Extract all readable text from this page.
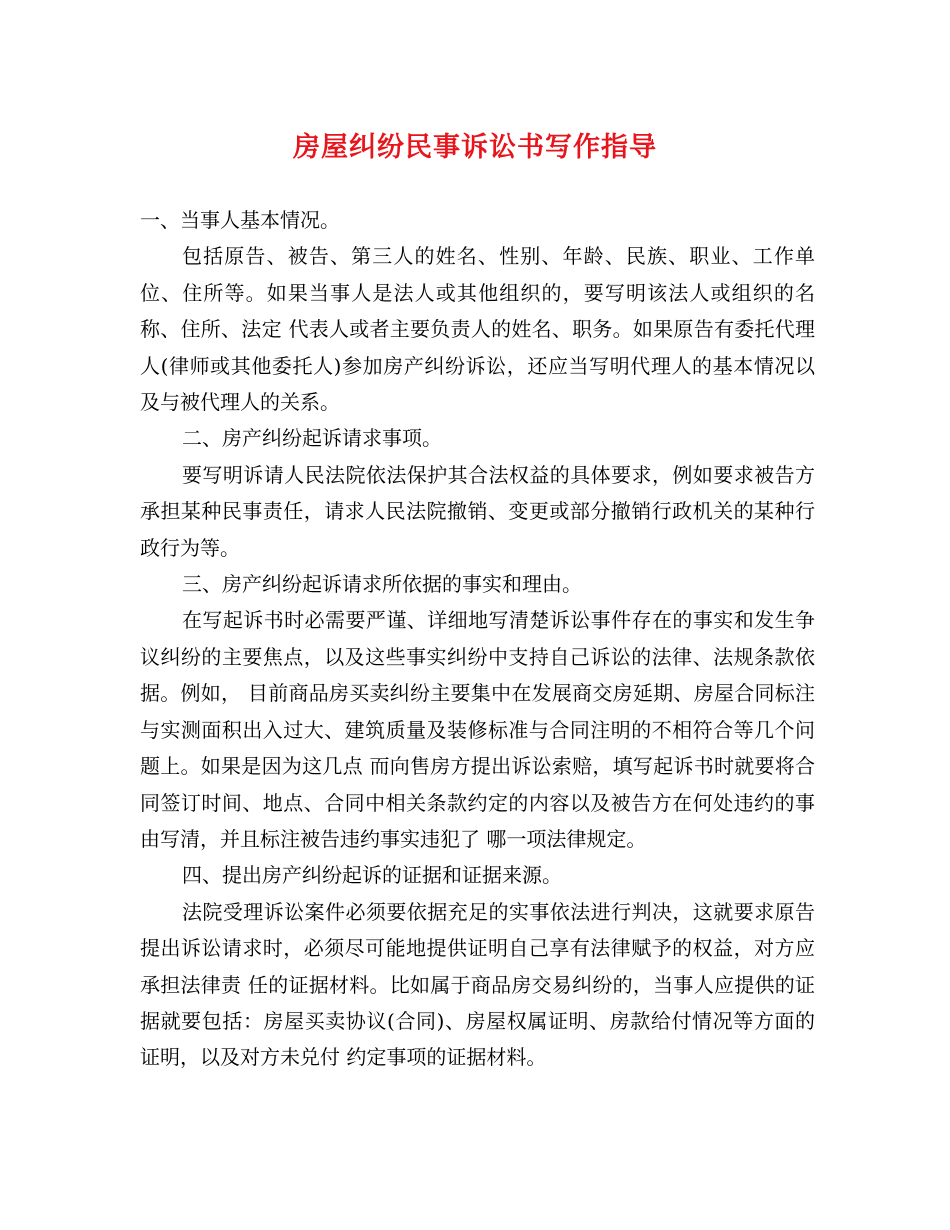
房屋纠纷民事诉讼书写作指导

一、当事人基本情况。

包括原告、被告、第三人的姓名、性别、年龄、民族、职业、工作单位、住所等。如果当事人是法人或其他组织的，要写明该法人或组织的名称、住所、法定 代表人或者主要负责人的姓名、职务。如果原告有委托代理人(律师或其他委托人)参加房产纠纷诉讼，还应当写明代理人的基本情况以及与被代理人的关系。

二、房产纠纷起诉请求事项。

要写明诉请人民法院依法保护其合法权益的具体要求，例如要求被告方承担某种民事责任，请求人民法院撤销、变更或部分撤销行政机关的某种行政行为等。

三、房产纠纷起诉请求所依据的事实和理由。

在写起诉书时必需要严谨、详细地写清楚诉讼事件存在的事实和发生争议纠纷的主要焦点，以及这些事实纠纷中支持自己诉讼的法律、法规条款依据。例如， 目前商品房买卖纠纷主要集中在发展商交房延期、房屋合同标注与实测面积出入过大、建筑质量及装修标准与合同注明的不相符合等几个问题上。如果是因为这几点 而向售房方提出诉讼索赔，填写起诉书时就要将合同签订时间、地点、合同中相关条款约定的内容以及被告方在何处违约的事由写清，并且标注被告违约事实违犯了 哪一项法律规定。

四、提出房产纠纷起诉的证据和证据来源。

法院受理诉讼案件必须要依据充足的实事依法进行判决，这就要求原告提出诉讼请求时，必须尽可能地提供证明自己享有法律赋予的权益，对方应承担法律责 任的证据材料。比如属于商品房交易纠纷的，当事人应提供的证据就要包括：房屋买卖协议(合同)、房屋权属证明、房款给付情况等方面的证明，以及对方未兑付 约定事项的证据材料。
